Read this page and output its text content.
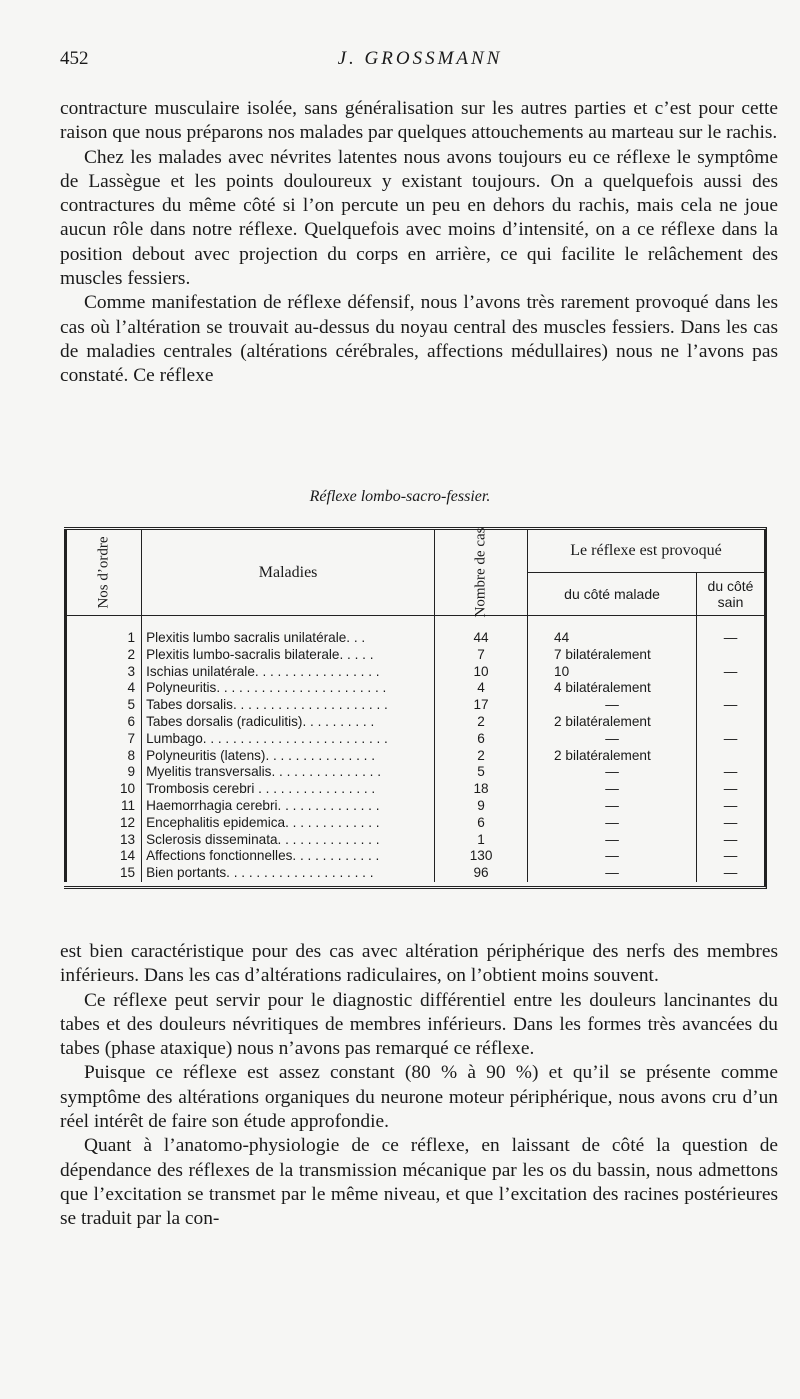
452	J. GROSSMANN

contracture musculaire isolée, sans généralisation sur les autres parties et c’est pour cette raison que nous préparons nos malades par quelques attouchements au marteau sur le rachis.

Chez les malades avec névrites latentes nous avons toujours eu ce réflexe le symptôme de Lassègue et les points douloureux y existant toujours. On a quelquefois aussi des contractures du même côté si l’on percute un peu en dehors du rachis, mais cela ne joue aucun rôle dans notre réflexe. Quelquefois avec moins d’intensité, on a ce réflexe dans la position debout avec projection du corps en arrière, ce qui facilite le relâchement des muscles fessiers.

Comme manifestation de réflexe défensif, nous l’avons très rarement provoqué dans les cas où l’altération se trouvait au-dessus du noyau central des muscles fessiers. Dans les cas de maladies centrales (altérations cérébrales, affections médullaires) nous ne l’avons pas constaté. Ce réflexe

Réflexe lombo-sacro-fessier.
Nos d’ordre	Maladies	Nombre de cas	Le réflexe est provoqué	
			du côté malade	du côté sain

1	Plexitis lumbo sacralis unilatérale. . .	44	44	—
2	Plexitis lumbo-sacralis bilaterale. . . . .	7	7 bilatéralement	
3	Ischias unilatérale. . . . . . . . . . . . . . . . .	10	10	—
4	Polyneuritis. . . . . . . . . . . . . . . . . . . . . . .	4	4 bilatéralement	
5	Tabes dorsalis. . . . . . . . . . . . . . . . . . . . .	17	—	—
6	Tabes dorsalis (radiculitis). . . . . . . . . .	2	2 bilatéralement	
7	Lumbago. . . . . . . . . . . . . . . . . . . . . . . . .	6	—	—
8	Polyneuritis (latens). . . . . . . . . . . . . . .	2	2 bilatéralement	
9	Myelitis transversalis. . . . . . . . . . . . . . .	5	—	—
10	Trombosis cerebri . . . . . . . . . . . . . . . .	18	—	—
11	Haemorrhagia cerebri. . . . . . . . . . . . . .	9	—	—
12	Encephalitis epidemica. . . . . . . . . . . . .	6	—	—
13	Sclerosis disseminata. . . . . . . . . . . . . .	1	—	—
14	Affections fonctionnelles. . . . . . . . . . . .	130	—	—
15	Bien portants. . . . . . . . . . . . . . . . . . . .	96	—	—

est bien caractéristique pour des cas avec altération périphérique des nerfs des membres inférieurs. Dans les cas d’altérations radiculaires, on l’obtient moins souvent.

Ce réflexe peut servir pour le diagnostic différentiel entre les douleurs lancinantes du tabes et des douleurs névritiques de membres inférieurs. Dans les formes très avancées du tabes (phase ataxique) nous n’avons pas remarqué ce réflexe.

Puisque ce réflexe est assez constant (80 % à 90 %) et qu’il se présente comme symptôme des altérations organiques du neurone moteur périphérique, nous avons cru d’un réel intérêt de faire son étude approfondie.

Quant à l’anatomo-physiologie de ce réflexe, en laissant de côté la question de dépendance des réflexes de la transmission mécanique par les os du bassin, nous admettons que l’excitation se transmet par le même niveau, et que l’excitation des racines postérieures se traduit par la con-
